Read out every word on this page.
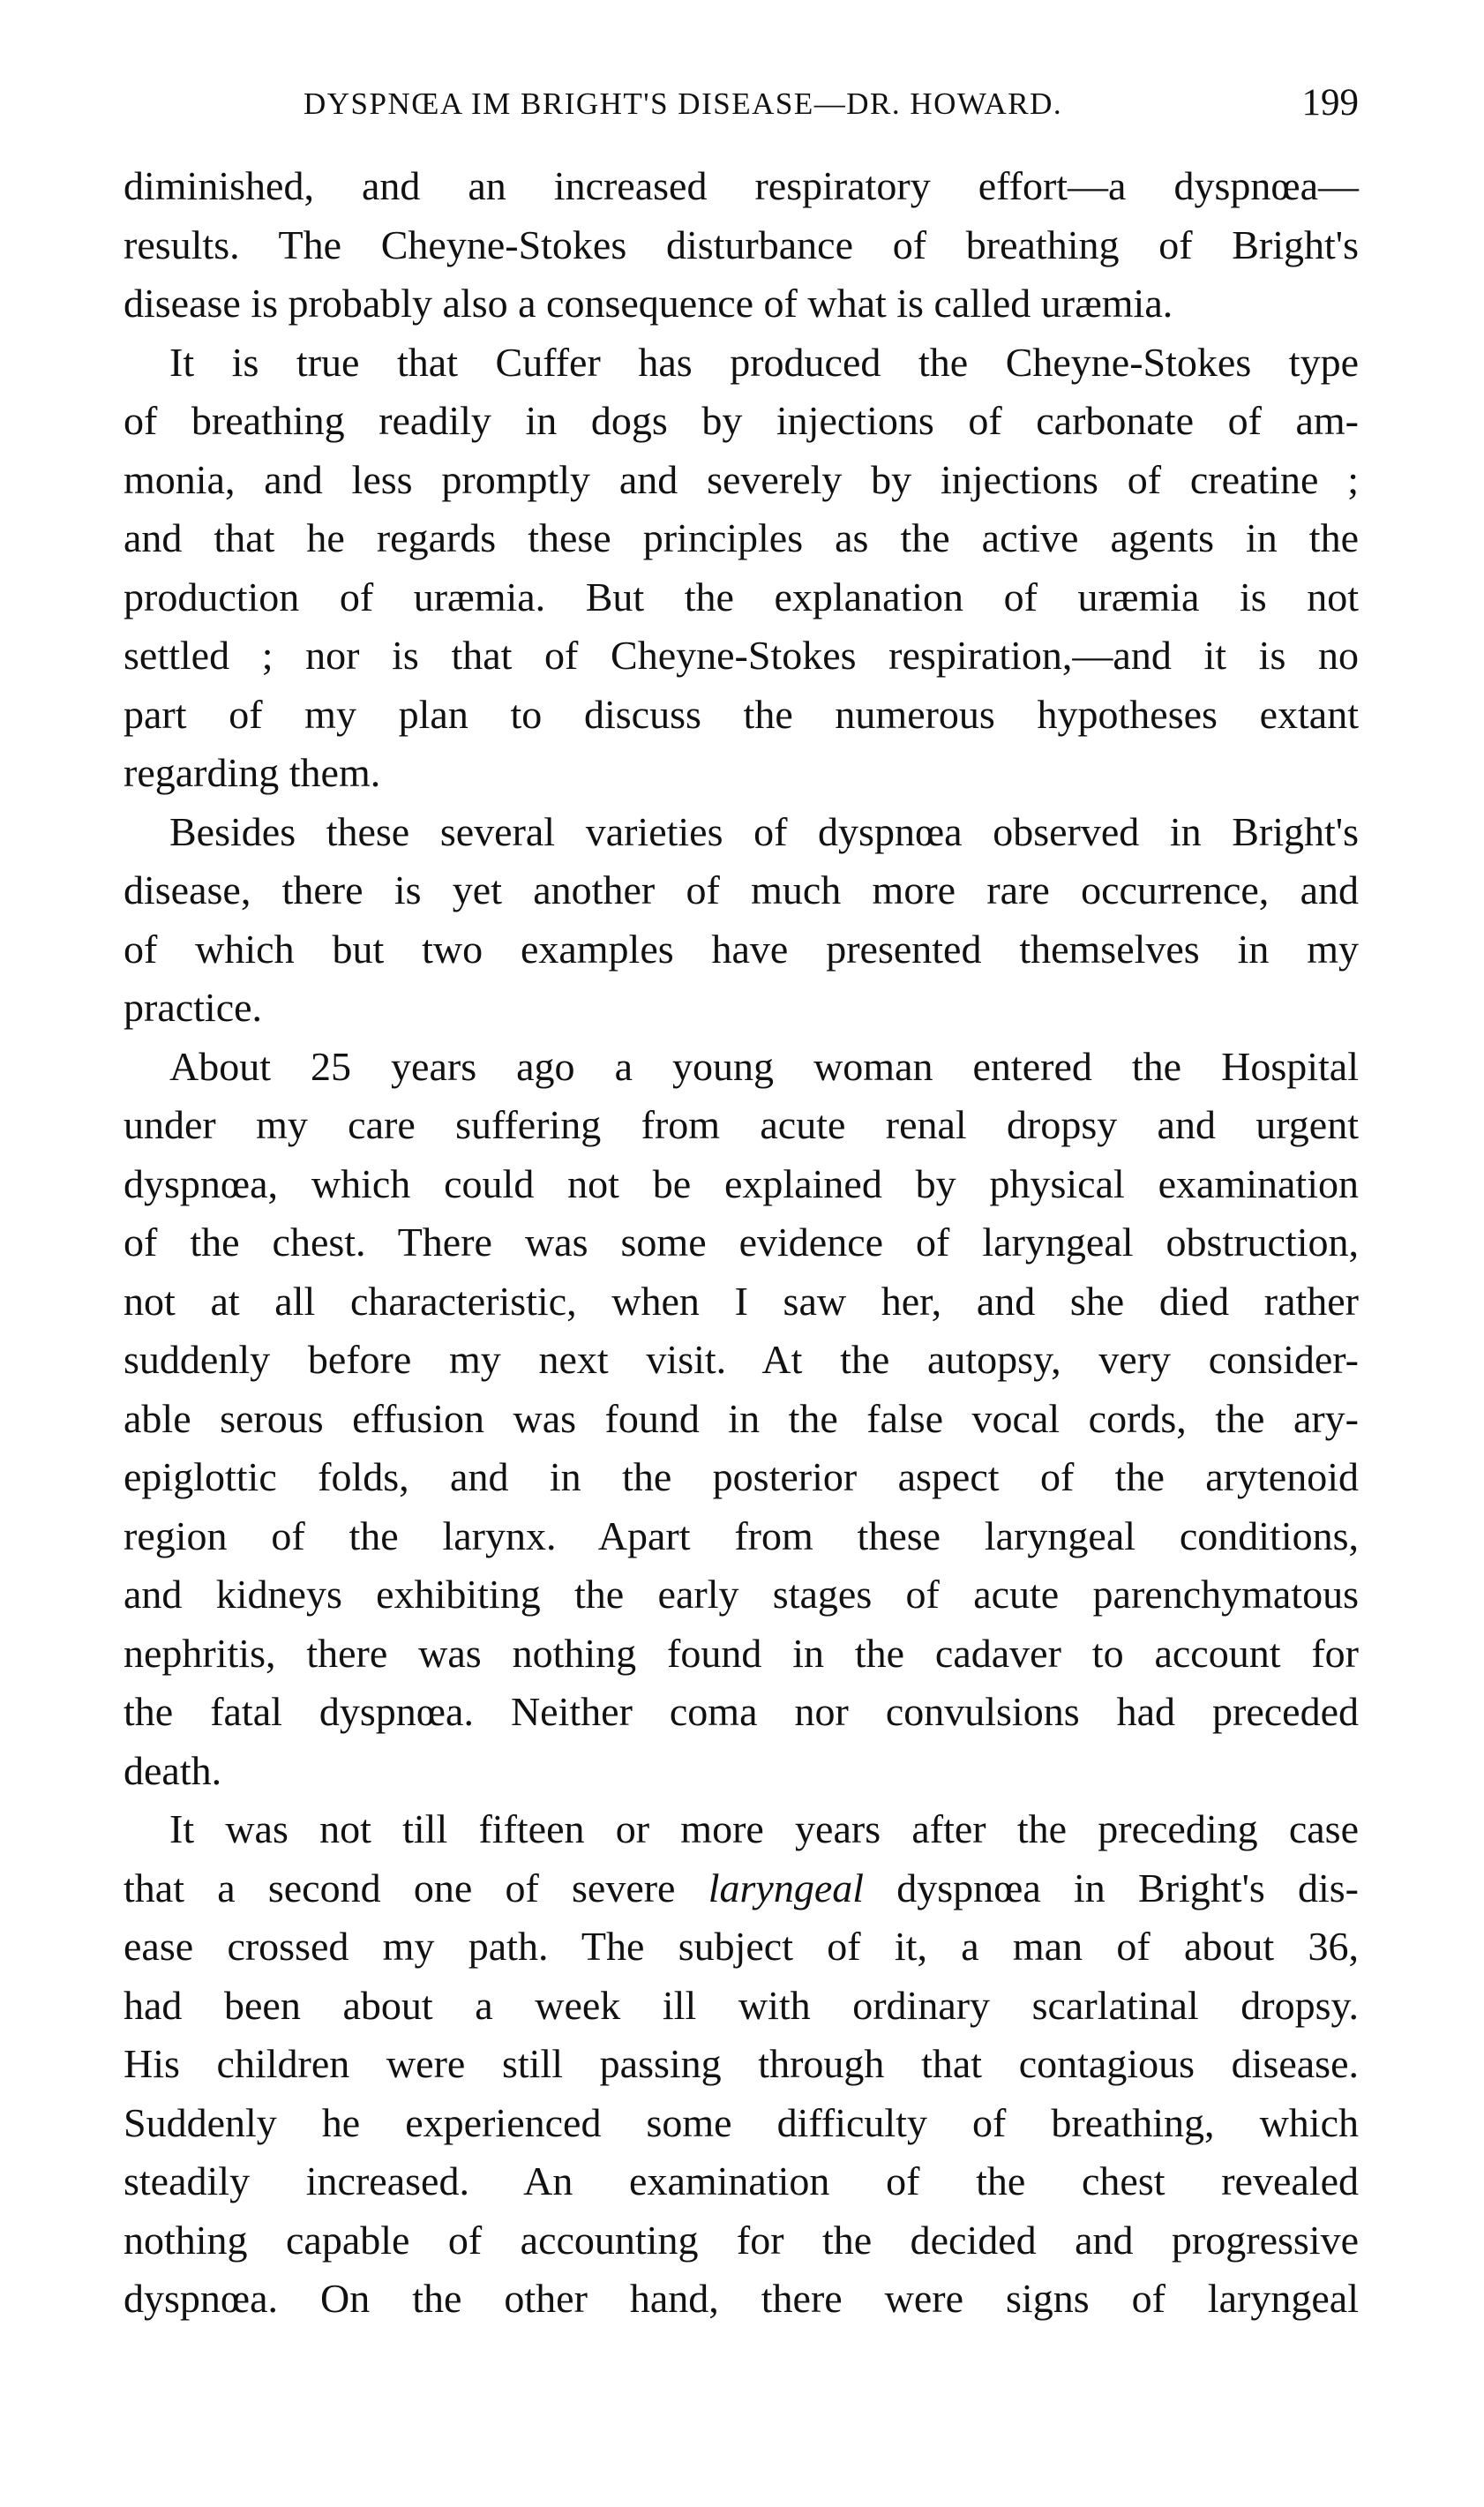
DYSPNŒA IM BRIGHT'S DISEASE—DR. HOWARD.	199
diminished, and an increased respiratory effort—a dyspnœa—
results. The Cheyne-Stokes disturbance of breathing of Bright's
disease is probably also a consequence of what is called uræmia.
It is true that Cuffer has produced the Cheyne-Stokes type
of breathing readily in dogs by injections of carbonate of am-
monia, and less promptly and severely by injections of creatine ;
and that he regards these principles as the active agents in the
production of uræmia. But the explanation of uræmia is not
settled ; nor is that of Cheyne-Stokes respiration,—and it is no
part of my plan to discuss the numerous hypotheses extant
regarding them.
Besides these several varieties of dyspnœa observed in Bright's
disease, there is yet another of much more rare occurrence, and
of which but two examples have presented themselves in my
practice.
About 25 years ago a young woman entered the Hospital
under my care suffering from acute renal dropsy and urgent
dyspnœa, which could not be explained by physical examination
of the chest. There was some evidence of laryngeal obstruction,
not at all characteristic, when I saw her, and she died rather
suddenly before my next visit. At the autopsy, very consider-
able serous effusion was found in the false vocal cords, the ary-
epiglottic folds, and in the posterior aspect of the arytenoid
region of the larynx. Apart from these laryngeal conditions,
and kidneys exhibiting the early stages of acute parenchymatous
nephritis, there was nothing found in the cadaver to account for
the fatal dyspnœa. Neither coma nor convulsions had preceded
death.
It was not till fifteen or more years after the preceding case
that a second one of severe laryngeal dyspnœa in Bright's dis-
ease crossed my path. The subject of it, a man of about 36,
had been about a week ill with ordinary scarlatinal dropsy.
His children were still passing through that contagious disease.
Suddenly he experienced some difficulty of breathing, which
steadily increased. An examination of the chest revealed
nothing capable of accounting for the decided and progressive
dyspnœa. On the other hand, there were signs of laryngeal
